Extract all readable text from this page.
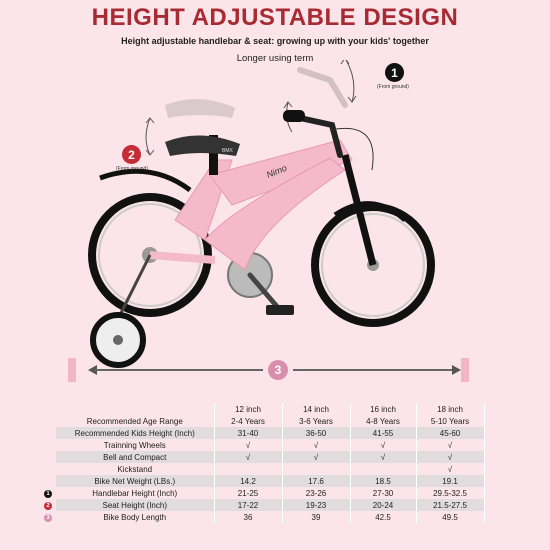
HEIGHT ADJUSTABLE DESIGN
Height adjustable handlebar & seat: growing up with your kids' together
Longer using term
Nimo
BMX
1
(From ground)
2
(From ground)
3
		12 inch	14 inch	16 inch	18 inch
	Recommended Age Range	2-4 Years	3-6 Years	4-8 Years	5-10 Years
	Recommended Kids Height (Inch)	31-40	36-50	41-55	45-60
	Trainning Wheels	√	√	√	√
	Bell and Compact	√	√	√	√
	Kickstand				√
	Bike Net Weight (LBs.)	14.2	17.6	18.5	19.1
1	Handlebar Height (Inch)	21-25	23-26	27-30	29.5-32.5
2	Seat Height (Inch)	17-22	19-23	20-24	21.5-27.5
3	Bike Body Length	36	39	42.5	49.5
